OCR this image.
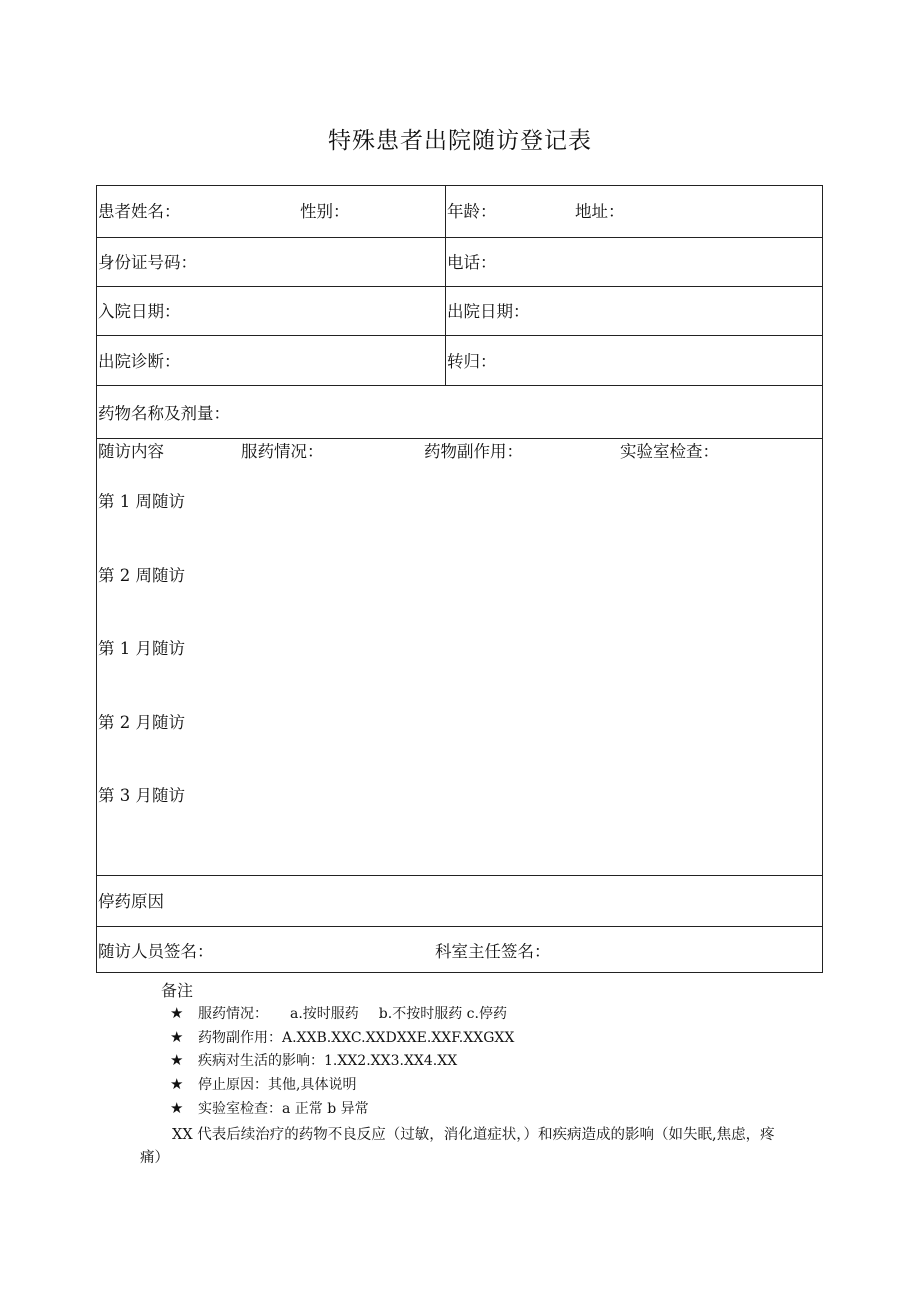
特殊患者出院随访登记表
患者姓名：	性别：	年龄：	地址：
身份证号码：	电话：
入院日期：	出院日期：
出院诊断：	转归：
药物名称及剂量：
随访内容	服药情况：	药物副作用：	实验室检查：
第 1 周随访
第 2 周随访
第 1 月随访
第 2 月随访
第 3 月随访
停药原因
随访人员签名：	科室主任签名：
备注
★ 服药情况： a.按时服药 b.不按时服药 c.停药
★ 药物副作用：A.XXB.XXC.XXDXXE.XXF.XXGXX
★ 疾病对生活的影响：1.XX2.XX3.XX4.XX
★ 停止原因：其他,具体说明
★ 实验室检查：a 正常 b 异常
XX 代表后续治疗的药物不良反应（过敏，消化道症状，）和疾病造成的影响（如失眠,焦虑，疼
痛）
